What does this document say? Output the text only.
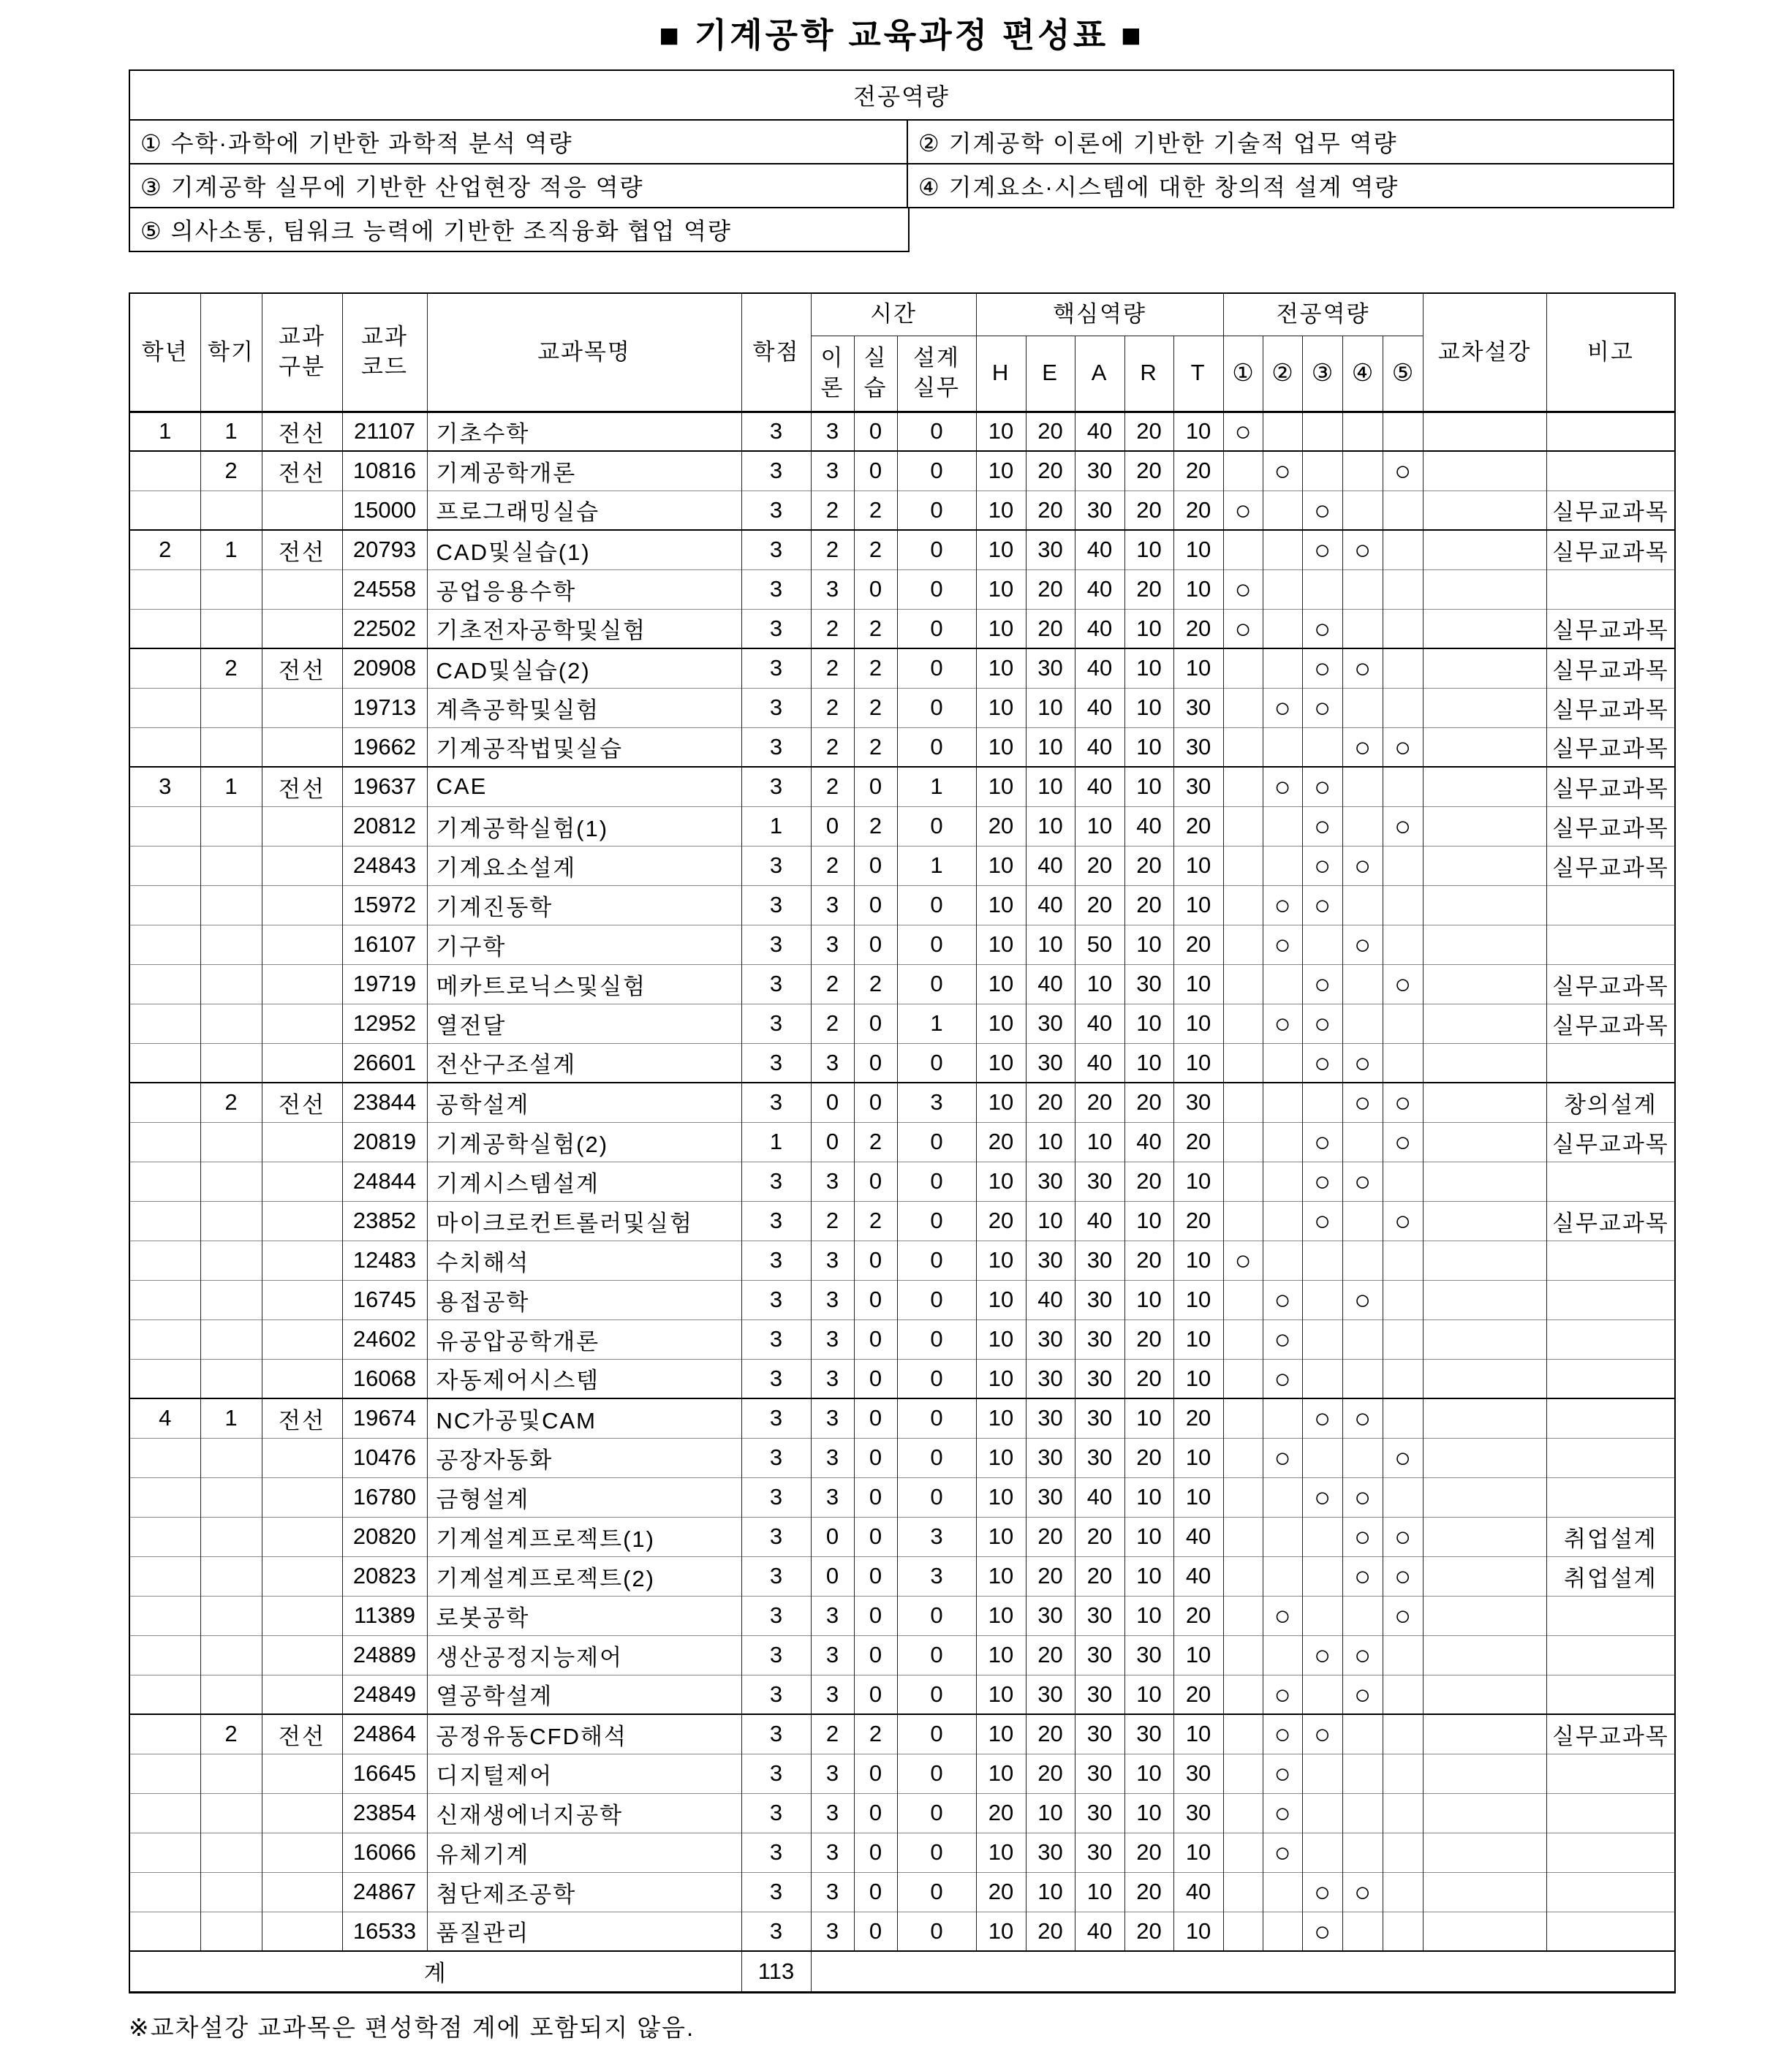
■ 기계공학 교육과정 편성표 ■
전공역량
① 수학·과학에 기반한 과학적 분석 역량	② 기계공학 이론에 기반한 기술적 업무 역량
③ 기계공학 실무에 기반한 산업현장 적응 역량	④ 기계요소·시스템에 대한 창의적 설계 역량
⑤ 의사소통, 팀워크 능력에 기반한 조직융화 협업 역량
학년	학기	교과구분	교과코드	교과목명	학점	시간			핵심역량					전공역량					교차설강	비고
						이론	실습	설계실무	H	E	A	R	T	①	②	③	④	⑤		
1	1	전선	21107	기초수학	3	3	0	0	10	20	40	20	10	○						
	2	전선	10816	기계공학개론	3	3	0	0	10	20	30	20	20		○			○		
			15000	프로그래밍실습	3	2	2	0	10	20	30	20	20	○		○				실무교과목
2	1	전선	20793	CAD및실습(1)	3	2	2	0	10	30	40	10	10			○	○			실무교과목
			24558	공업응용수학	3	3	0	0	10	20	40	20	10	○						
			22502	기초전자공학및실험	3	2	2	0	10	20	40	10	20	○		○				실무교과목
	2	전선	20908	CAD및실습(2)	3	2	2	0	10	30	40	10	10			○	○			실무교과목
			19713	계측공학및실험	3	2	2	0	10	10	40	10	30		○	○				실무교과목
			19662	기계공작법및실습	3	2	2	0	10	10	40	10	30				○	○		실무교과목
3	1	전선	19637	CAE	3	2	0	1	10	10	40	10	30		○	○				실무교과목
			20812	기계공학실험(1)	1	0	2	0	20	10	10	40	20			○		○		실무교과목
			24843	기계요소설계	3	2	0	1	10	40	20	20	10			○	○			실무교과목
			15972	기계진동학	3	3	0	0	10	40	20	20	10		○	○				
			16107	기구학	3	3	0	0	10	10	50	10	20		○		○			
			19719	메카트로닉스및실험	3	2	2	0	10	40	10	30	10			○		○		실무교과목
			12952	열전달	3	2	0	1	10	30	40	10	10		○	○				실무교과목
			26601	전산구조설계	3	3	0	0	10	30	40	10	10			○	○			
	2	전선	23844	공학설계	3	0	0	3	10	20	20	20	30				○	○		창의설계
			20819	기계공학실험(2)	1	0	2	0	20	10	10	40	20			○		○		실무교과목
			24844	기계시스템설계	3	3	0	0	10	30	30	20	10			○	○			
			23852	마이크로컨트롤러및실험	3	2	2	0	20	10	40	10	20			○		○		실무교과목
			12483	수치해석	3	3	0	0	10	30	30	20	10	○						
			16745	용접공학	3	3	0	0	10	40	30	10	10		○		○			
			24602	유공압공학개론	3	3	0	0	10	30	30	20	10		○					
			16068	자동제어시스템	3	3	0	0	10	30	30	20	10		○					
4	1	전선	19674	NC가공및CAM	3	3	0	0	10	30	30	10	20			○	○			
			10476	공장자동화	3	3	0	0	10	30	30	20	10		○			○		
			16780	금형설계	3	3	0	0	10	30	40	10	10			○	○			
			20820	기계설계프로젝트(1)	3	0	0	3	10	20	20	10	40				○	○		취업설계
			20823	기계설계프로젝트(2)	3	0	0	3	10	20	20	10	40				○	○		취업설계
			11389	로봇공학	3	3	0	0	10	30	30	10	20		○			○		
			24889	생산공정지능제어	3	3	0	0	10	20	30	30	10			○	○			
			24849	열공학설계	3	3	0	0	10	30	30	10	20		○		○			
	2	전선	24864	공정유동CFD해석	3	2	2	0	10	20	30	30	10		○	○				실무교과목
			16645	디지털제어	3	3	0	0	10	20	30	10	30		○					
			23854	신재생에너지공학	3	3	0	0	20	10	30	10	30		○					
			16066	유체기계	3	3	0	0	10	30	30	20	10		○					
			24867	첨단제조공학	3	3	0	0	20	10	10	20	40			○	○			
			16533	품질관리	3	3	0	0	10	20	40	20	10			○				
계					113															
※교차설강 교과목은 편성학점 계에 포함되지 않음.
